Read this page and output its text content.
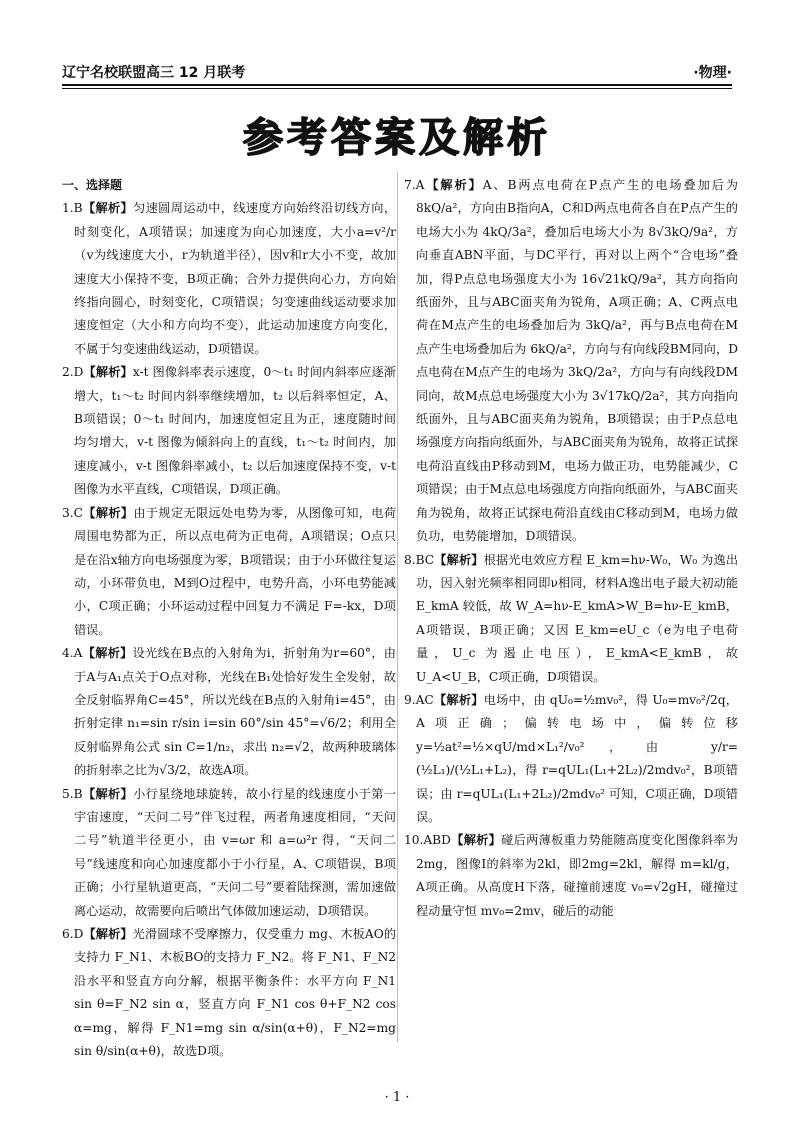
辽宁名校联盟高三 12 月联考	·物理·
参考答案及解析
一、选择题

1.B【解析】匀速圆周运动中，线速度方向始终沿切线方向，时刻变化，A项错误；加速度为向心加速度，大小a=v²/r（v为线速度大小，r为轨道半径），因v和r大小不变，故加速度大小保持不变，B项正确；合外力提供向心力，方向始终指向圆心，时刻变化，C项错误；匀变速曲线运动要求加速度恒定（大小和方向均不变），此运动加速度方向变化，不属于匀变速曲线运动，D项错误。

2.D【解析】x-t 图像斜率表示速度，0～t₁ 时间内斜率应逐渐增大，t₁～t₂ 时间内斜率继续增加，t₂ 以后斜率恒定，A、B项错误；0～t₁ 时间内，加速度恒定且为正，速度随时间均匀增大，v-t 图像为倾斜向上的直线，t₁～t₂ 时间内，加速度减小，v-t 图像斜率减小，t₂ 以后加速度保持不变，v-t 图像为水平直线，C项错误，D项正确。

3.C【解析】由于规定无限远处电势为零，从图像可知，电荷周围电势都为正，所以点电荷为正电荷，A项错误；O点只是在沿x轴方向电场强度为零，B项错误；由于小环做往复运动，小环带负电，M到O过程中，电势升高，小环电势能减小，C项正确；小环运动过程中回复力不满足 F=-kx，D项错误。

4.A【解析】设光线在B点的入射角为i，折射角为r=60°，由于A与A₁点关于O点对称，光线在B₁处恰好发生全发射，故全反射临界角C=45°，所以光线在B点的入射角i=45°，由折射定律 n₁=sin r/sin i=sin 60°/sin 45°=√6/2；利用全反射临界角公式 sin C=1/n₂，求出 n₂=√2，故两种玻璃体的折射率之比为√3/2，故选A项。

5.B【解析】小行星绕地球旋转，故小行星的线速度小于第一宇宙速度，“天问二号”伴飞过程，两者角速度相同，“天问二号”轨道半径更小，由 v=ωr 和 a=ω²r 得，“天问二号”线速度和向心加速度都小于小行星，A、C项错误，B项正确；小行星轨道更高，“天问二号”要着陆探测，需加速做离心运动，故需要向后喷出气体做加速运动，D项错误。

6.D【解析】光滑圆球不受摩擦力，仅受重力 mg、木板AO的支持力 F_N1、木板BO的支持力 F_N2。将 F_N1、F_N2 沿水平和竖直方向分解，根据平衡条件：水平方向 F_N1 sin θ=F_N2 sin α，竖直方向 F_N1 cos θ+F_N2 cos α=mg，解得 F_N1=mg sin α/sin(α+θ)，F_N2=mg sin θ/sin(α+θ)，故选D项。

7.A【解析】A、B两点电荷在P点产生的电场叠加后为 8kQ/a²，方向由B指向A，C和D两点电荷各自在P点产生的电场大小为 4kQ/3a²，叠加后电场大小为 8√3kQ/9a²，方向垂直ABN平面，与DC平行，再对以上两个“合电场”叠加，得P点总电场强度大小为 16√21kQ/9a²，其方向指向纸面外，且与ABC面夹角为锐角，A项正确；A、C两点电荷在M点产生的电场叠加后为 3kQ/a²，再与B点电荷在M点产生电场叠加后为 6kQ/a²，方向与有向线段BM同向，D点电荷在M点产生的电场为 3kQ/2a²，方向与有向线段DM同向，故M点总电场强度大小为 3√17kQ/2a²，其方向指向纸面外，且与ABC面夹角为锐角，B项错误；由于P点总电场强度方向指向纸面外，与ABC面夹角为锐角，故将正试探电荷沿直线由P移动到M，电场力做正功，电势能减少，C项错误；由于M点总电场强度方向指向纸面外，与ABC面夹角为锐角，故将正试探电荷沿直线由C移动到M，电场力做负功，电势能增加，D项错误。

8.BC【解析】根据光电效应方程 E_km=hν-W₀，W₀ 为逸出功，因入射光频率相同即ν相同，材料A逸出电子最大初动能 E_kmA 较低，故 W_A=hν-E_kmA>W_B=hν-E_kmB，A项错误，B项正确；又因 E_km=eU_c（e为电子电荷量，U_c 为遏止电压），E_kmA<E_kmB，故 U_A<U_B，C项正确，D项错误。

9.AC【解析】电场中，由 qU₀=½mv₀²，得 U₀=mv₀²/2q，A项正确；偏转电场中，偏转位移 y=½at²=½×qU/md×L₁²/v₀²，由 y/r=(½L₁)/(½L₁+L₂)，得 r=qUL₁(L₁+2L₂)/2mdv₀²，B项错误；由 r=qUL₁(L₁+2L₂)/2mdv₀² 可知，C项正确，D项错误。

10.ABD【解析】碰后两薄板重力势能随高度变化图像斜率为2mg，图像Ⅰ的斜率为2kl，即2mg=2kl，解得 m=kl/g，A项正确。从高度H下落，碰撞前速度 v₀=√2gH，碰撞过程动量守恒 mv₀=2mv，碰后的动能

· 1 ·
